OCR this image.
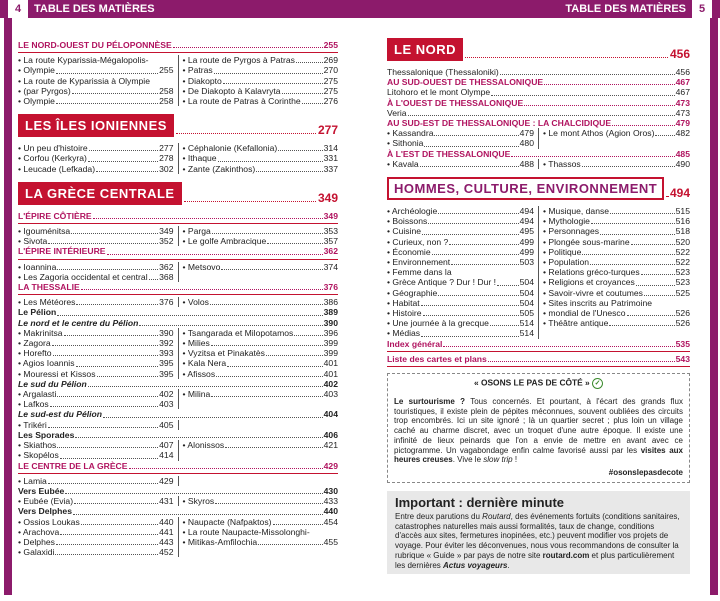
4	TABLE DES MATIÈRES	TABLE DES MATIÈRES	5
LE NORD-OUEST DU PÉLOPONNÈSE	255
• La route Kyparissia-Mégalopolis-
• Olympie	255
• La route de Kyparissia à Olympie
• (par Pyrgos)	258
• Olympie	258
• La route de Pyrgos à Patras	269
• Patras	270
• Diakopto	275
• De Diakopto à Kalavryta	275
• La route de Patras à Corinthe	276
LES ÎLES IONIENNES	277
• Un peu d'histoire	277
• Corfou (Kerkyra)	278
• Leucade (Lefkada)	302
• Céphalonie (Kefallonia)	314
• Ithaque	331
• Zante (Zakinthos)	337
LA GRÈCE CENTRALE	349
L'ÉPIRE CÔTIÈRE	349
• Igouménitsa	349
• Sivota	352
• Parga	353
• Le golfe Ambracique	357
L'ÉPIRE INTÉRIEURE	362
• Ioannina	362
• Les Zagoria occidental et central 368
• Metsovo	374
LA THESSALIE	376
• Les Météores	376 • Volos	386
Le Pélion	389
Le nord et le centre du Pélion	390
• Makrinitsa	390
• Zagora	392
• Horefto	393
• Agios Ioannis	395
• Mouressi et Kissos	395
• Tsangarada et Milopotamos	396
• Milies	399
• Vyzitsa et Pinakatès	399
• Kala Nera	401
• Afissos	401
Le sud du Pélion	402
• Argalasti	402
• Lafkos	403
• Milina	403
Le sud-est du Pélion	404
• Trikéri	405
Les Sporades	406
• Skiathos	407
• Skopélos	414
• Alonissos	421
LE CENTRE DE LA GRÈCE	429
• Lamia	429
Vers Eubée	430
• Eubée (Evia)	431 • Skyros	433
Vers Delphes	440
• Ossios Loukas	440
• Arachova	441
• Delphes	443
• Galaxidi	452
• Naupacte (Nafpaktos)	454
• La route Naupacte-Missolonghi-
• Mitikas-Amfilochia	455
LE NORD	456
Thessalonique (Thessaloniki)	456
AU SUD-OUEST DE THESSALONIQUE	467
Litohoro et le mont Olympe	467
À L'OUEST DE THESSALONIQUE	473
Veria	473
AU SUD-EST DE THESSALONIQUE : LA CHALCIDIQUE	479
• Kassandra	479
• Sithonia	480
• Le mont Athos (Agion Oros) 482
À L'EST DE THESSALONIQUE	485
• Kavala	488 • Thassos	490
HOMMES, CULTURE, ENVIRONNEMENT	494
• Archéologie	494
• Boissons	494
• Cuisine	495
• Curieux, non ?	499
• Économie	499
• Environnement	503
• Femme dans la
• Grèce Antique ? Dur ! Dur !	504
• Géographie	504
• Habitat	504
• Histoire	505
• Une journée à la grecque	514
• Médias	514
• Musique, danse	515
• Mythologie	516
• Personnages	518
• Plongée sous-marine	520
• Politique	522
• Population	522
• Relations gréco-turques	523
• Religions et croyances	523
• Savoir-vivre et coutumes	525
• Sites inscrits au Patrimoine
• mondial de l'Unesco	526
• Théâtre antique	526
Index général	535
Liste des cartes et plans	543
« OSONS LE PAS DE CÔTÉ » ✓
Le surtourisme ? Tous concernés. Et pourtant, à l'écart des grands flux touristiques, il existe plein de pépites méconnues, souvent oubliées des circuits trop encombrés. Ici un site ignoré ; là un quartier secret ; plus loin un village caché au charme discret, avec un troquet d'une autre époque. Il existe une infinité de lieux peinards que l'on a envie de mettre en avant avec ce pictogramme. Un vagabondage enfin calme favorisé aussi par les visites aux heures creuses. Vive le slow trip !
#osonslepasdecote
Important : dernière minute
Entre deux parutions du Routard, des événements fortuits (conditions sanitaires, catastrophes naturelles mais aussi formalités, taux de change, conditions d'accès aux sites, fermetures inopinées, etc.) peuvent modifier vos projets de voyage. Pour éviter les déconvenues, nous vous recommandons de consulter la rubrique « Guide » par pays de notre site routard.com et plus particulièrement les dernières Actus voyageurs.
